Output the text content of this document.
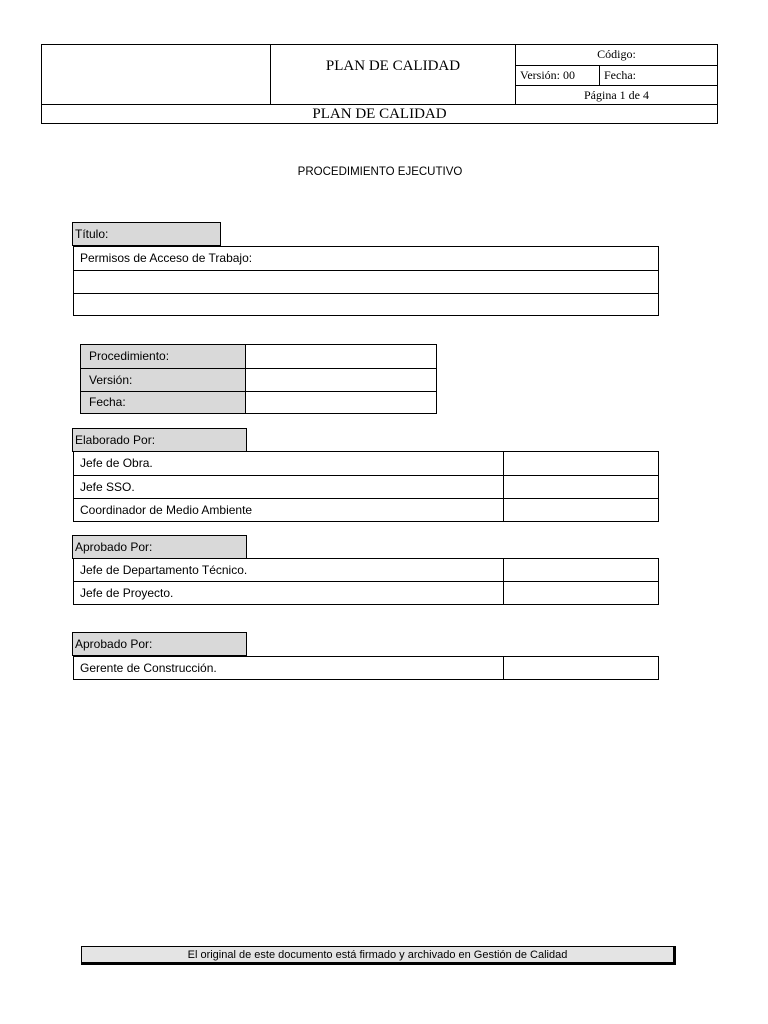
PLAN DE CALIDAD
Código:
Versión: 00	Fecha:
Página 1 de 4
PLAN DE CALIDAD
PROCEDIMIENTO EJECUTIVO
Título:
Permisos de Acceso de Trabajo:
Procedimiento:
Versión:
Fecha:
Elaborado Por:
Jefe de Obra.
Jefe SSO.
Coordinador de Medio Ambiente
Aprobado Por:
Jefe de Departamento Técnico.
Jefe de Proyecto.
Aprobado Por:
Gerente de Construcción.
El original de este documento está firmado y archivado en Gestión de Calidad
